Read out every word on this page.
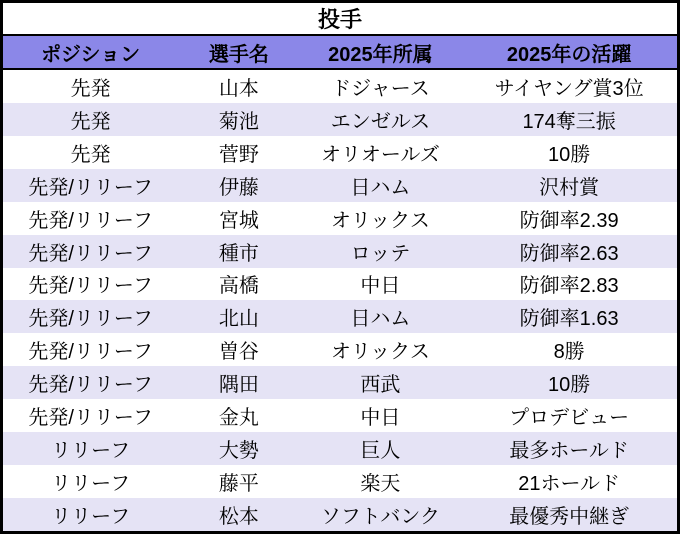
投手
ポジション	選手名	2025年所属	2025年の活躍
先発	山本	ドジャース	サイヤング賞3位
先発	菊池	エンゼルス	174奪三振
先発	菅野	オリオールズ	10勝
先発/リリーフ	伊藤	日ハム	沢村賞
先発/リリーフ	宮城	オリックス	防御率2.39
先発/リリーフ	種市	ロッテ	防御率2.63
先発/リリーフ	高橋	中日	防御率2.83
先発/リリーフ	北山	日ハム	防御率1.63
先発/リリーフ	曽谷	オリックス	8勝
先発/リリーフ	隅田	西武	10勝
先発/リリーフ	金丸	中日	プロデビュー
リリーフ	大勢	巨人	最多ホールド
リリーフ	藤平	楽天	21ホールド
リリーフ	松本	ソフトバンク	最優秀中継ぎ
